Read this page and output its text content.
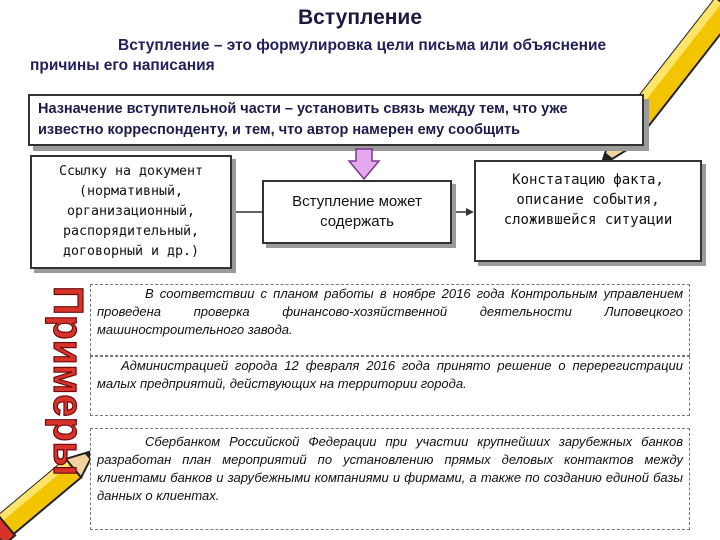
Вступление
Вступление – это формулировка цели письма или объяснение причины его написания
Назначение вступительной части – установить связь между тем, что уже известно корреспонденту, и тем, что автор намерен ему сообщить
Ссылку на документ (нормативный, организационный, распорядительный, договорный и др.)
Вступление может содержать
Констатацию факта, описание события, сложившейся ситуации
Примеры	В соответствии с планом работы в ноябре 2016 года Контрольным управлением проведена проверка финансово-хозяйственной деятельности Липовецкого машиностроительного завода.
Администрацией города 12 февраля 2016 года принято решение о перерегистрации малых предприятий, действующих на территории города.
Сбербанком Российской Федерации при участии крупнейших зарубежных банков разработан план мероприятий по установлению прямых деловых контактов между клиентами банков и зарубежными компаниями и фирмами, а также по созданию единой базы данных о клиентах.
